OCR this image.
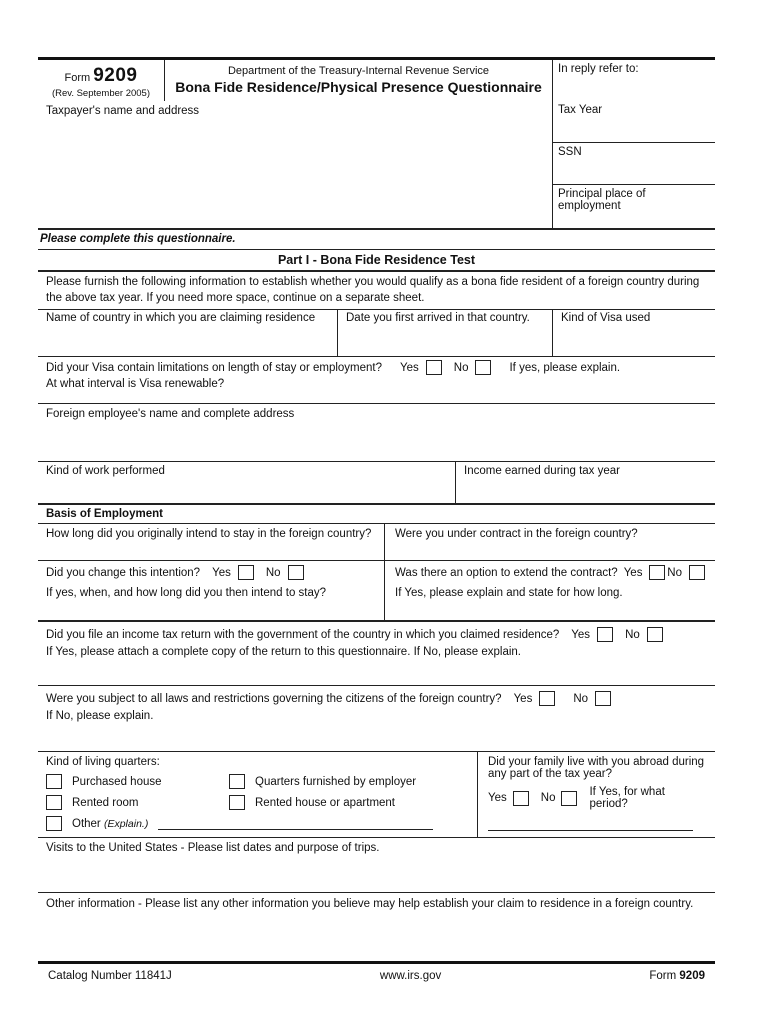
Form 9209
(Rev. September 2005)
Department of the Treasury-Internal Revenue Service
Bona Fide Residence/Physical Presence Questionnaire
In reply refer to:
Taxpayer's name and address	Tax Year
SSN
Principal place of employment
Please complete this questionnaire.
Part I - Bona Fide Residence Test
Please furnish the following information to establish whether you would qualify as a bona fide resident of a foreign country during the above tax year. If you need more space, continue on a separate sheet.
Name of country in which you are claiming residence	Date you first arrived in that country.	Kind of Visa used
Did your Visa contain limitations on length of stay or employment? Yes	No	If yes, please explain.
At what interval is Visa renewable?
Foreign employee's name and complete address
Kind of work performed	Income earned during tax year
Basis of Employment
How long did you originally intend to stay in the foreign country?	Were you under contract in the foreign country?
Did you change this intention? Yes	No
If yes, when, and how long did you then intend to stay?
Was there an option to extend the contract? Yes No
If Yes, please explain and state for how long.
Did you file an income tax return with the government of the country in which you claimed residence? Yes	No
If Yes, please attach a complete copy of the return to this questionnaire. If No, please explain.
Were you subject to all laws and restrictions governing the citizens of the foreign country? Yes	No
If No, please explain.
Kind of living quarters:
Purchased house	Quarters furnished by employer
Rented room	Rented house or apartment
Other (Explain.)
Did your family live with you abroad during any part of the tax year?
Yes	No	If Yes, for what period?
Visits to the United States - Please list dates and purpose of trips.
Other information - Please list any other information you believe may help establish your claim to residence in a foreign country.
Catalog Number 11841J	www.irs.gov	Form 9209
